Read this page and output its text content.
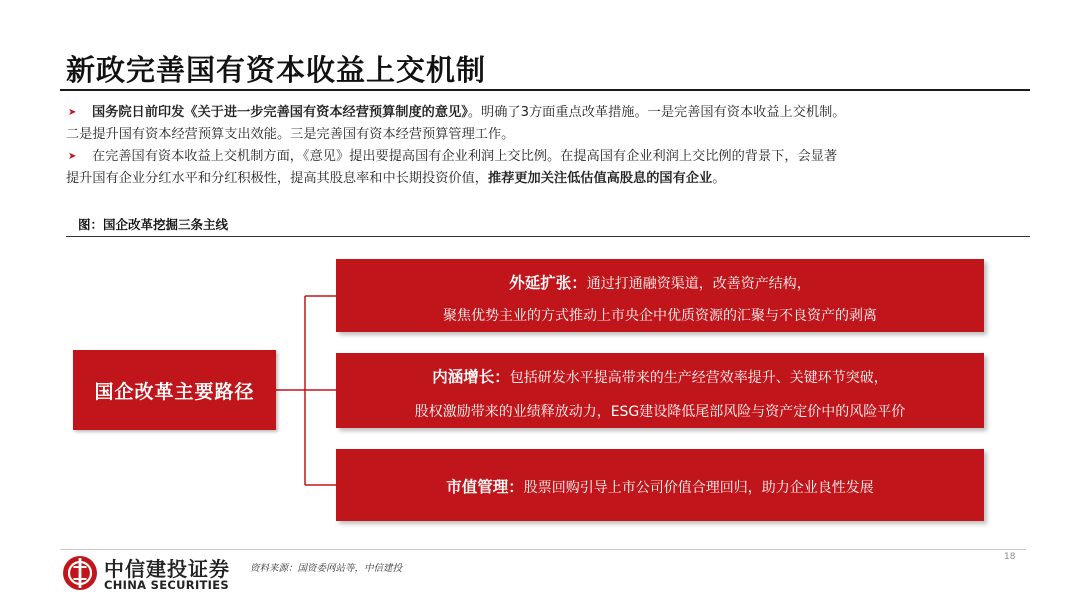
新政完善国有资本收益上交机制
➤ 国务院日前印发《关于进一步完善国有资本经营预算制度的意见》。明确了3方面重点改革措施。一是完善国有资本收益上交机制。
二是提升国有资本经营预算支出效能。三是完善国有资本经营预算管理工作。
➤ 在完善国有资本收益上交机制方面，《意见》提出要提高国有企业利润上交比例。在提高国有企业利润上交比例的背景下，会显著
提升国有企业分红水平和分红积极性，提高其股息率和中长期投资价值，推荐更加关注低估值高股息的国有企业。
图：国企改革挖掘三条主线
国企改革主要路径
外延扩张：通过打通融资渠道，改善资产结构，
聚焦优势主业的方式推动上市央企中优质资源的汇聚与不良资产的剥离
内涵增长：包括研发水平提高带来的生产经营效率提升、关键环节突破，
股权激励带来的业绩释放动力，ESG建设降低尾部风险与资产定价中的风险平价
市值管理：股票回购引导上市公司价值合理回归，助力企业良性发展
18
中信建投证券
CHINA SECURITIES
资料来源：国资委网站等，中信建投
